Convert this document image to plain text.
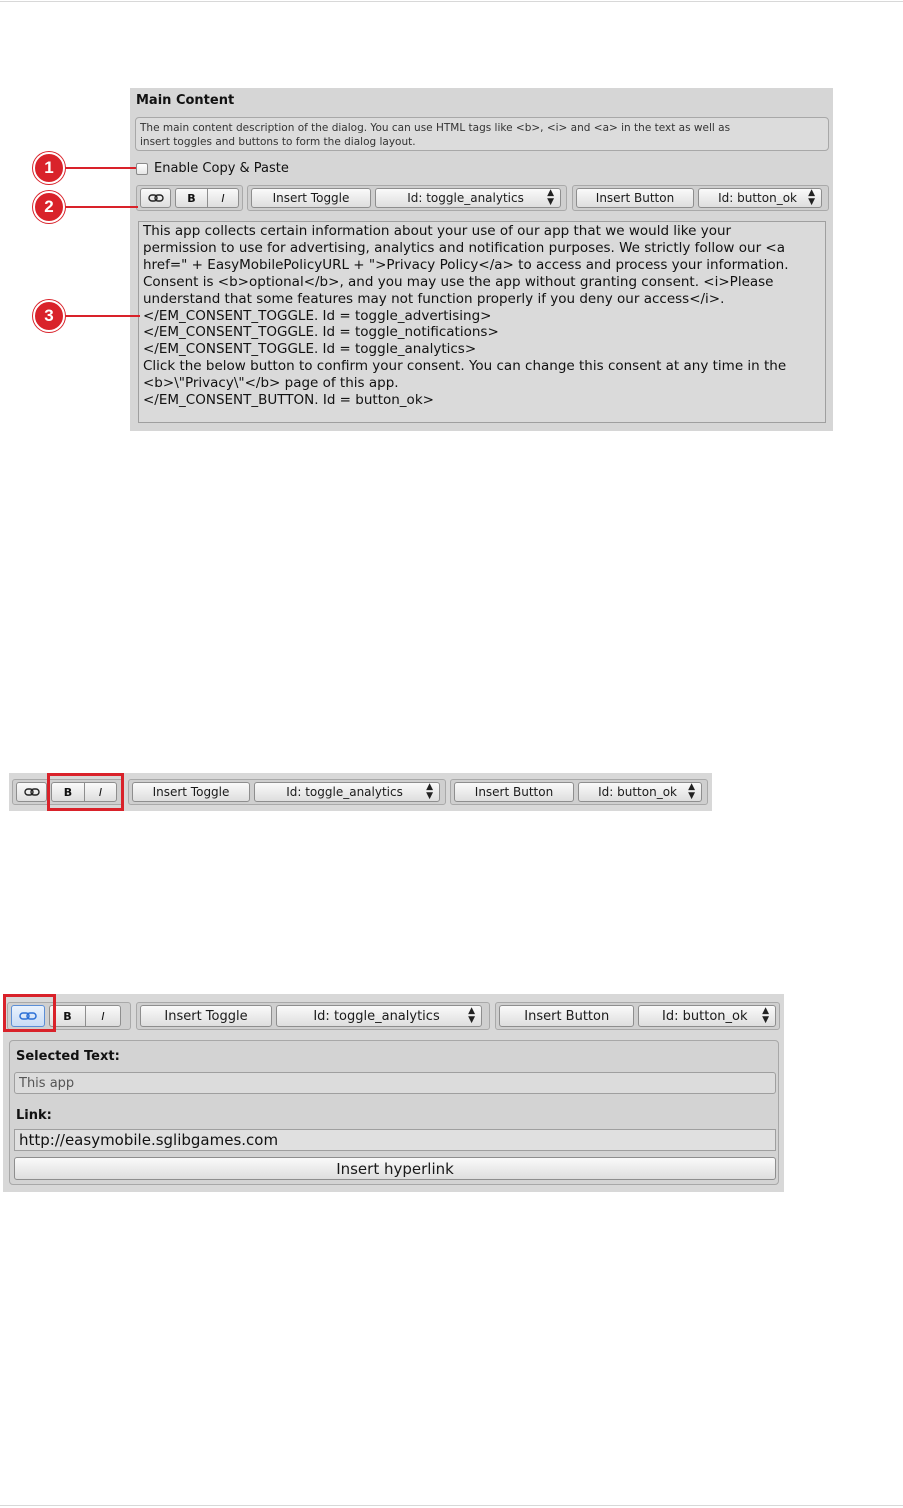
Main Content
The main content description of the dialog. You can use HTML tags like <b>, <i> and <a> in the text as well as
insert toggles and buttons to form the dialog layout.
Enable Copy & Paste
B	I	Insert Toggle	Id: toggle_analytics	▲
▼	Insert Button	Id: button_ok	▲
▼
This app collects certain information about your use of our app that we would like your
permission to use for advertising, analytics and notification purposes. We strictly follow our <a
href=" + EasyMobilePolicyURL + ">Privacy Policy</a> to access and process your information.
Consent is <b>optional</b>, and you may use the app without granting consent. <i>Please
understand that some features may not function properly if you deny our access</i>.
</EM_CONSENT_TOGGLE. Id = toggle_advertising>
</EM_CONSENT_TOGGLE. Id = toggle_notifications>
</EM_CONSENT_TOGGLE. Id = toggle_analytics>
Click the below button to confirm your consent. You can change this consent at any time in the
<b>\"Privacy\"</b> page of this app.
</EM_CONSENT_BUTTON. Id = button_ok>
1
2
3
B	I	Insert Toggle	Id: toggle_analytics	▲
▼	Insert Button	Id: button_ok	▲
▼
B	I	Insert Toggle	Id: toggle_analytics	▲
▼	Insert Button	Id: button_ok	▲
▼
Selected Text:
This app
Link:
http://easymobile.sglibgames.com
Insert hyperlink
